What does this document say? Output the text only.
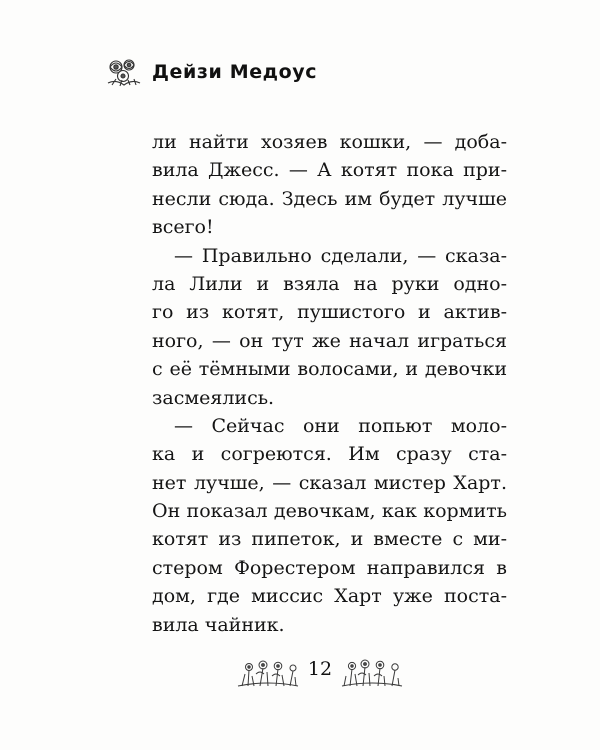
Дейзи Медоус
ли найти хозяев кошки, — доба-
вила Джесс. — А котят пока при-
несли сюда. Здесь им будет лучше
всего!
— Правильно сделали, — сказа-
ла Лили и взяла на руки одно-
го из котят, пушистого и актив-
ного, — он тут же начал играться
с её тёмными волосами, и девочки
засмеялись.
— Сейчас они попьют моло-
ка и согреются. Им сразу ста-
нет лучше, — сказал мистер Харт.
Он показал девочкам, как кормить
котят из пипеток, и вместе с ми-
стером Форестером направился в
дом, где миссис Харт уже поста-
вила чайник.
12
